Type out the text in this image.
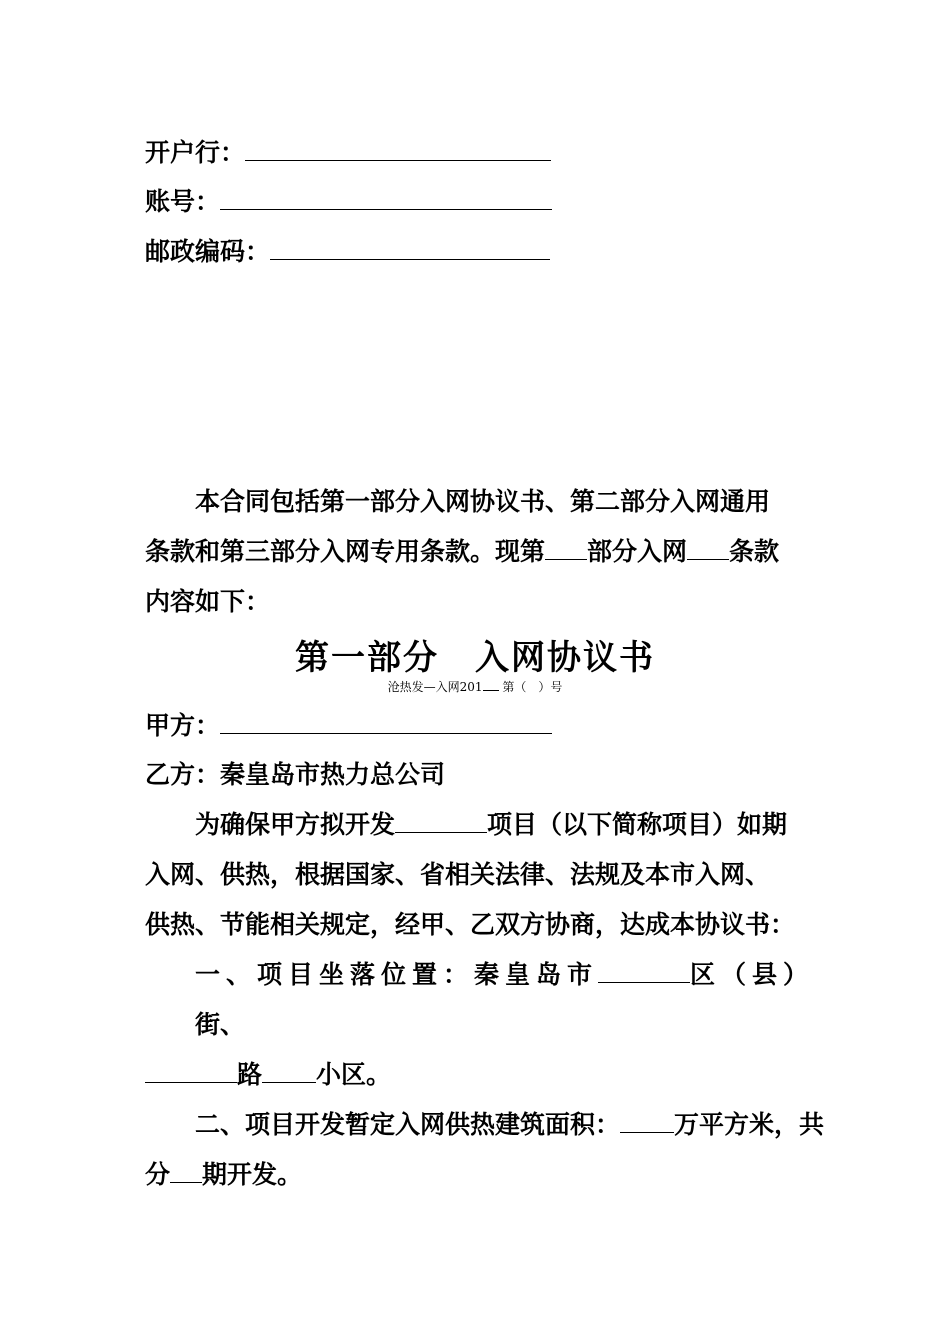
开户行：
账号：
邮政编码：
本合同包括第一部分入网协议书、第二部分入网通用
条款和第三部分入网专用条款。现第 部分入网 条款
内容如下：
第一部分　入网协议书
沧热发—入网201 第（　）号
甲方：
乙方：秦皇岛市热力总公司
为确保甲方拟开发	项目（以下简称项目）如期
入网、供热，根据国家、省相关法律、法规及本市入网、
供热、节能相关规定，经甲、乙双方协商，达成本协议书：
一、项目坐落位置：秦皇岛市	区（县）
街、
路 小区。
二、项目开发暂定入网供热建筑面积： 万平方米，共
分 期开发。
